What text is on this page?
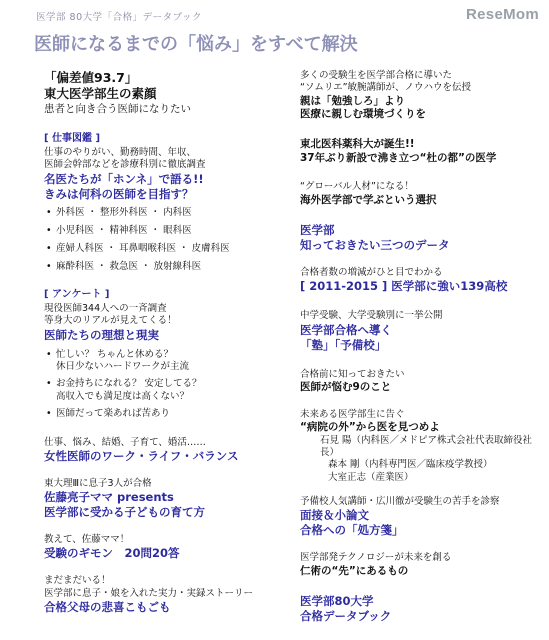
医学部 80大学「合格」データブック	ReseMom
医師になるまでの「悩み」をすべて解決

「偏差値93.7」

東大医学部生の素顔

患者と向き合う医師になりたい

[ 仕事図鑑 ]

仕事のやりがい、勤務時間、年収、

医師会幹部などを診療科別に徹底調査

名医たちが「ホンネ」で語る!!

きみは何科の医師を目指す？

• 外科医 ・ 整形外科医 ・ 内科医
• 小児科医 ・ 精神科医 ・ 眼科医
• 産婦人科医 ・ 耳鼻咽喉科医 ・ 皮膚科医
• 麻酔科医 ・ 救急医 ・ 放射線科医

[ アンケート ]

現役医師344人への一斉調査

等身大のリアルが見えてくる！

医師たちの理想と現実

• 忙しい？ ちゃんと休める？
休日少ないハードワークが主流
• お金持ちになれる？ 安定してる？
高収入でも満足度は高くない？
• 医師だって楽あれば苦あり

仕事、悩み、結婚、子育て、婚活……

女性医師のワーク・ライフ・バランス

東大理Ⅲに息子3人が合格

佐藤亮子ママ presents

医学部に受かる子どもの育て方

教えて、佐藤ママ！

受験のギモン　20問20答

まだまだいる！

医学部に息子・娘を入れた実力・実録ストーリー

合格父母の悲喜こもごも

多くの受験生を医学部合格に導いた

“ソムリエ”敏腕講師が、ノウハウを伝授

親は「勉強しろ」より

医療に親しむ環境づくりを

東北医科薬科大が誕生!!

37年ぶり新設で沸き立つ“杜の都”の医学

“グローバル人材”になる！

海外医学部で学ぶという選択

医学部

知っておきたい三つのデータ

合格者数の増減がひと目でわかる

[ 2011-2015 ] 医学部に強い139高校

中学受験、大学受験別に一挙公開

医学部合格へ導く

「塾」「予備校」

合格前に知っておきたい

医師が悩む9のこと

未来ある医学部生に告ぐ

“病院の外”から医を見つめよ

石見 陽（内科医／メドピア株式会社代表取締役社

長）

森本 剛（内科専門医／臨床疫学教授）

大室正志（産業医）

予備校人気講師・広川徹が受験生の苦手を診察

面接＆小論文

合格への「処方箋」

医学部発テクノロジーが未来を創る

仁術の“先”にあるもの

医学部80大学

合格データブック
